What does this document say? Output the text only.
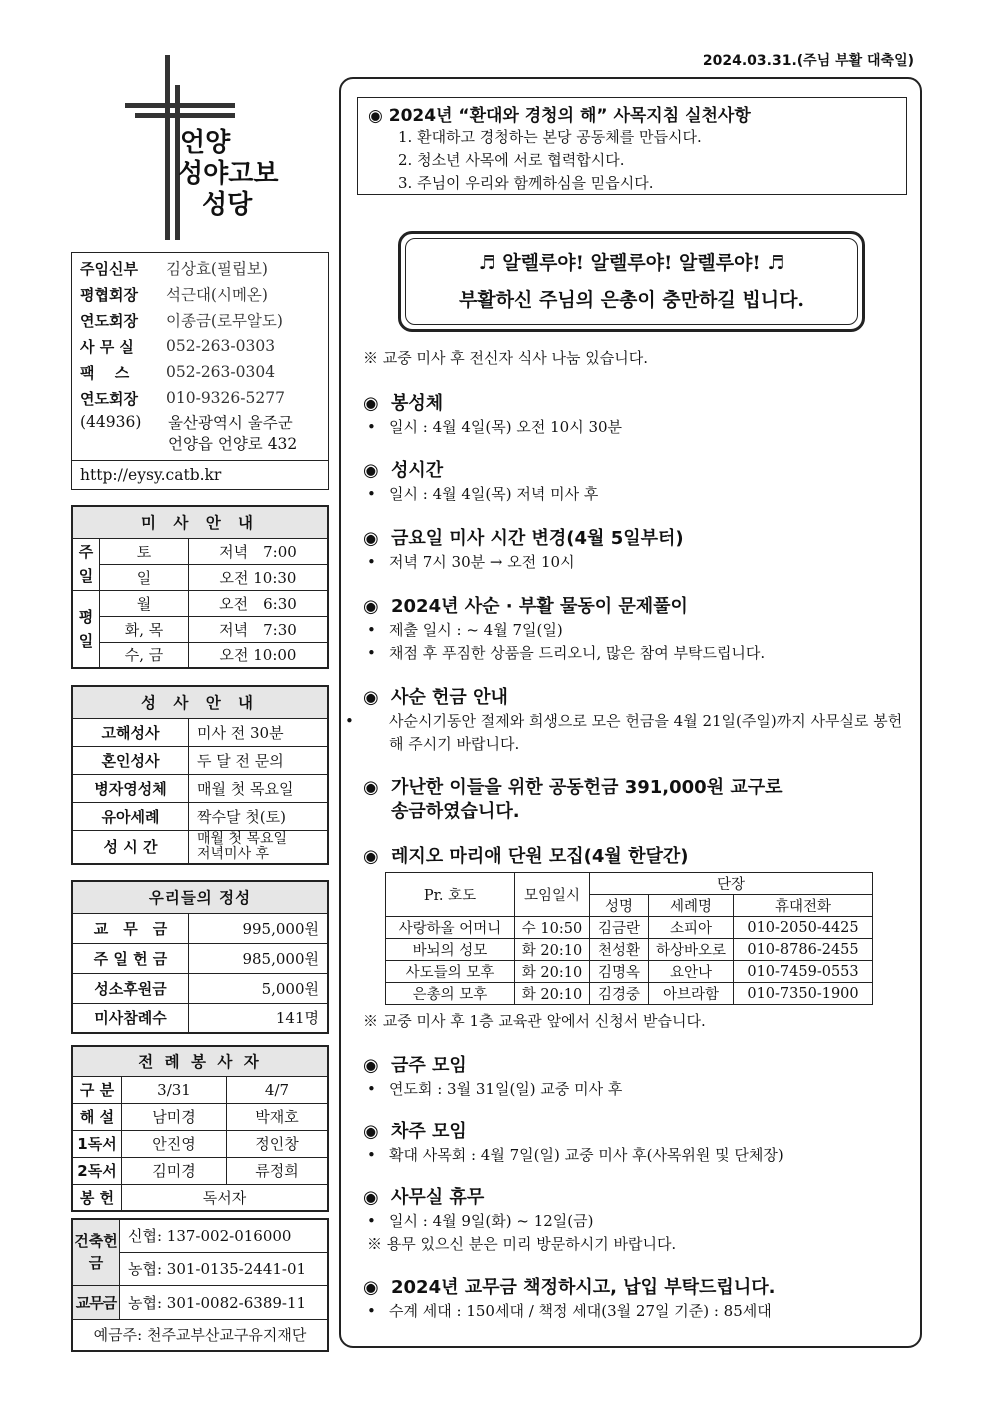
2024.03.31.(주님 부활 대축일)
언양
성야고보
성당
주임신부	김상효(필립보)
평협회장	석근대(시메온)
연도회장	이종금(로무알도)
사 무 실	052-263-0303
팩　 스	052-263-0304
연도회장	010-9326-5277
(44936)	울산광역시 울주군
언양읍 언양로 432
http://eysy.catb.kr
미 사 안 내		
주일	토	저녁　7:00
	일	오전 10:30
평일	월	오전　6:30
	화, 목	저녁　7:30
	수, 금	오전 10:00
성 사 안 내	
고해성사	미사 전 30분
혼인성사	두 달 전 문의
병자영성체	매월 첫 목요일
유아세례	짝수달 첫(토)
성 시 간	매월 첫 목요일
저녁미사 후
우리들의 정성	
교　무　금	995,000원
주 일 헌 금	985,000원
성소후원금	5,000원
미사참례수	141명
전 례 봉 사 자		
구 분	3/31	4/7
해 설	남미경	박재호
1독서	안진영	정인창
2독서	김미경	류정희
봉 헌	독서자	
건축헌금	신협: 137-002-016000
	농협: 301-0135-2441-01
교무금	농협: 301-0082-6389-11
예금주: 천주교부산교구유지재단	
◉ 2024년 “환대와 경청의 해” 사목지침 실천사항
1. 환대하고 경청하는 본당 공동체를 만듭시다.
2. 청소년 사목에 서로 협력합시다.
3. 주님이 우리와 함께하심을 믿읍시다.
♬ 알렐루야! 알렐루야! 알렐루야! ♬
부활하신 주님의 은총이 충만하길 빕니다.
※ 교중 미사 후 전신자 식사 나눔 있습니다.
◉ 봉성체
• 일시 : 4월 4일(목) 오전 10시 30분
◉ 성시간
• 일시 : 4월 4일(목) 저녁 미사 후
◉ 금요일 미사 시간 변경(4월 5일부터)
• 저녁 7시 30분 → 오전 10시
◉ 2024년 사순 · 부활 물동이 문제풀이
• 제출 일시 : ~ 4월 7일(일)
• 채점 후 푸짐한 상품을 드리오니, 많은 참여 부탁드립니다.
◉ 사순 헌금 안내
• 사순시기동안 절제와 희생으로 모은 헌금을 4월 21일(주일)까지 사무실로 봉헌해 주시기 바랍니다.
◉ 가난한 이들을 위한 공동헌금 391,000원 교구로
송금하였습니다.
◉ 레지오 마리애 단원 모집(4월 한달간)
Pr. 호도	모임일시	단장		
		성명	세례명	휴대전화
사랑하올 어머니	수 10:50	김금란	소피아	010-2050-4425
바뇌의 성모	화 20:10	천성환	하상바오로	010-8786-2455
사도들의 모후	화 20:10	김명옥	요안나	010-7459-0553
은총의 모후	화 20:10	김경중	아브라함	010-7350-1900
※ 교중 미사 후 1층 교육관 앞에서 신청서 받습니다.
◉ 금주 모임
• 연도회 : 3월 31일(일) 교중 미사 후
◉ 차주 모임
• 확대 사목회 : 4월 7일(일) 교중 미사 후(사목위원 및 단체장)
◉ 사무실 휴무
• 일시 : 4월 9일(화) ~ 12일(금)
※ 용무 있으신 분은 미리 방문하시기 바랍니다.
◉ 2024년 교무금 책정하시고, 납입 부탁드립니다.
• 수계 세대 : 150세대 / 책정 세대(3월 27일 기준) : 85세대
